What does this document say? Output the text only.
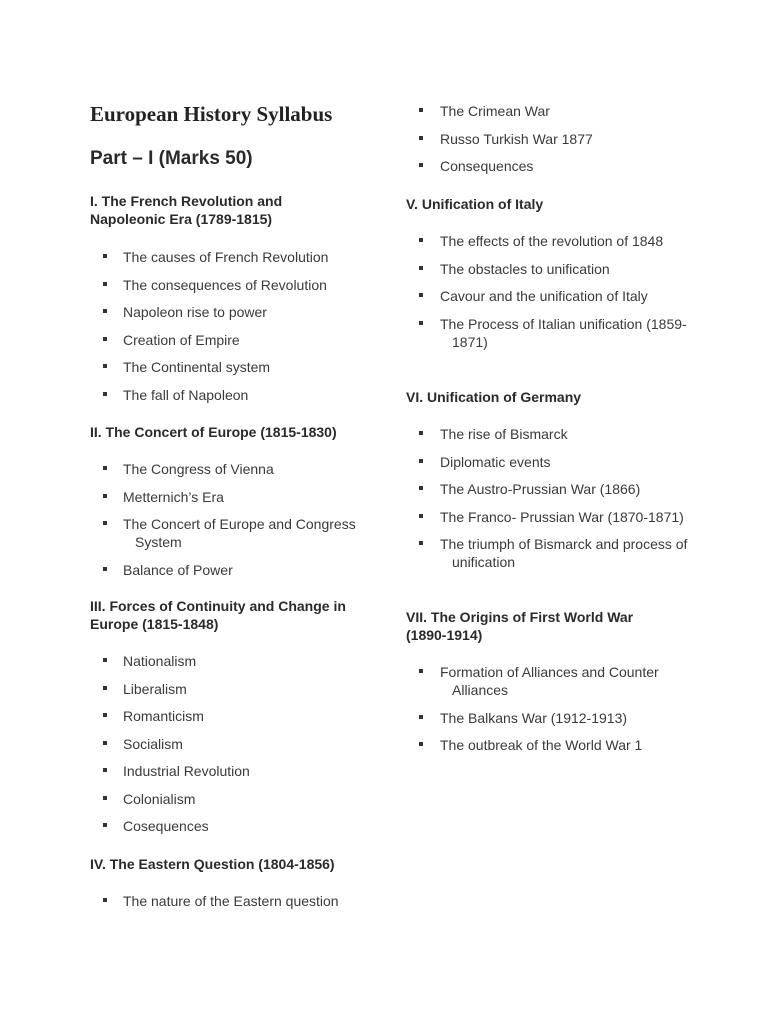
European History Syllabus
Part – I (Marks 50)
I. The French Revolution and Napoleonic Era (1789-1815)
The causes of French Revolution
The consequences of Revolution
Napoleon rise to power
Creation of Empire
The Continental system
The fall of Napoleon
II. The Concert of Europe (1815-1830)
The Congress of Vienna
Metternich’s Era
The Concert of Europe and Congress System
Balance of Power
III. Forces of Continuity and Change in Europe (1815-1848)
Nationalism
Liberalism
Romanticism
Socialism
Industrial Revolution
Colonialism
Cosequences
IV. The Eastern Question (1804-1856)
The nature of the Eastern question
The Crimean War
Russo Turkish War 1877
Consequences
V. Unification of Italy
The effects of the revolution of 1848
The obstacles to unification
Cavour and the unification of Italy
The Process of Italian unification (1859-1871)
VI. Unification of Germany
The rise of Bismarck
Diplomatic events
The Austro-Prussian War (1866)
The Franco- Prussian War (1870-1871)
The triumph of Bismarck and process of unification
VII. The Origins of First World War (1890-1914)
Formation of Alliances and Counter Alliances
The Balkans War (1912-1913)
The outbreak of the World War 1
